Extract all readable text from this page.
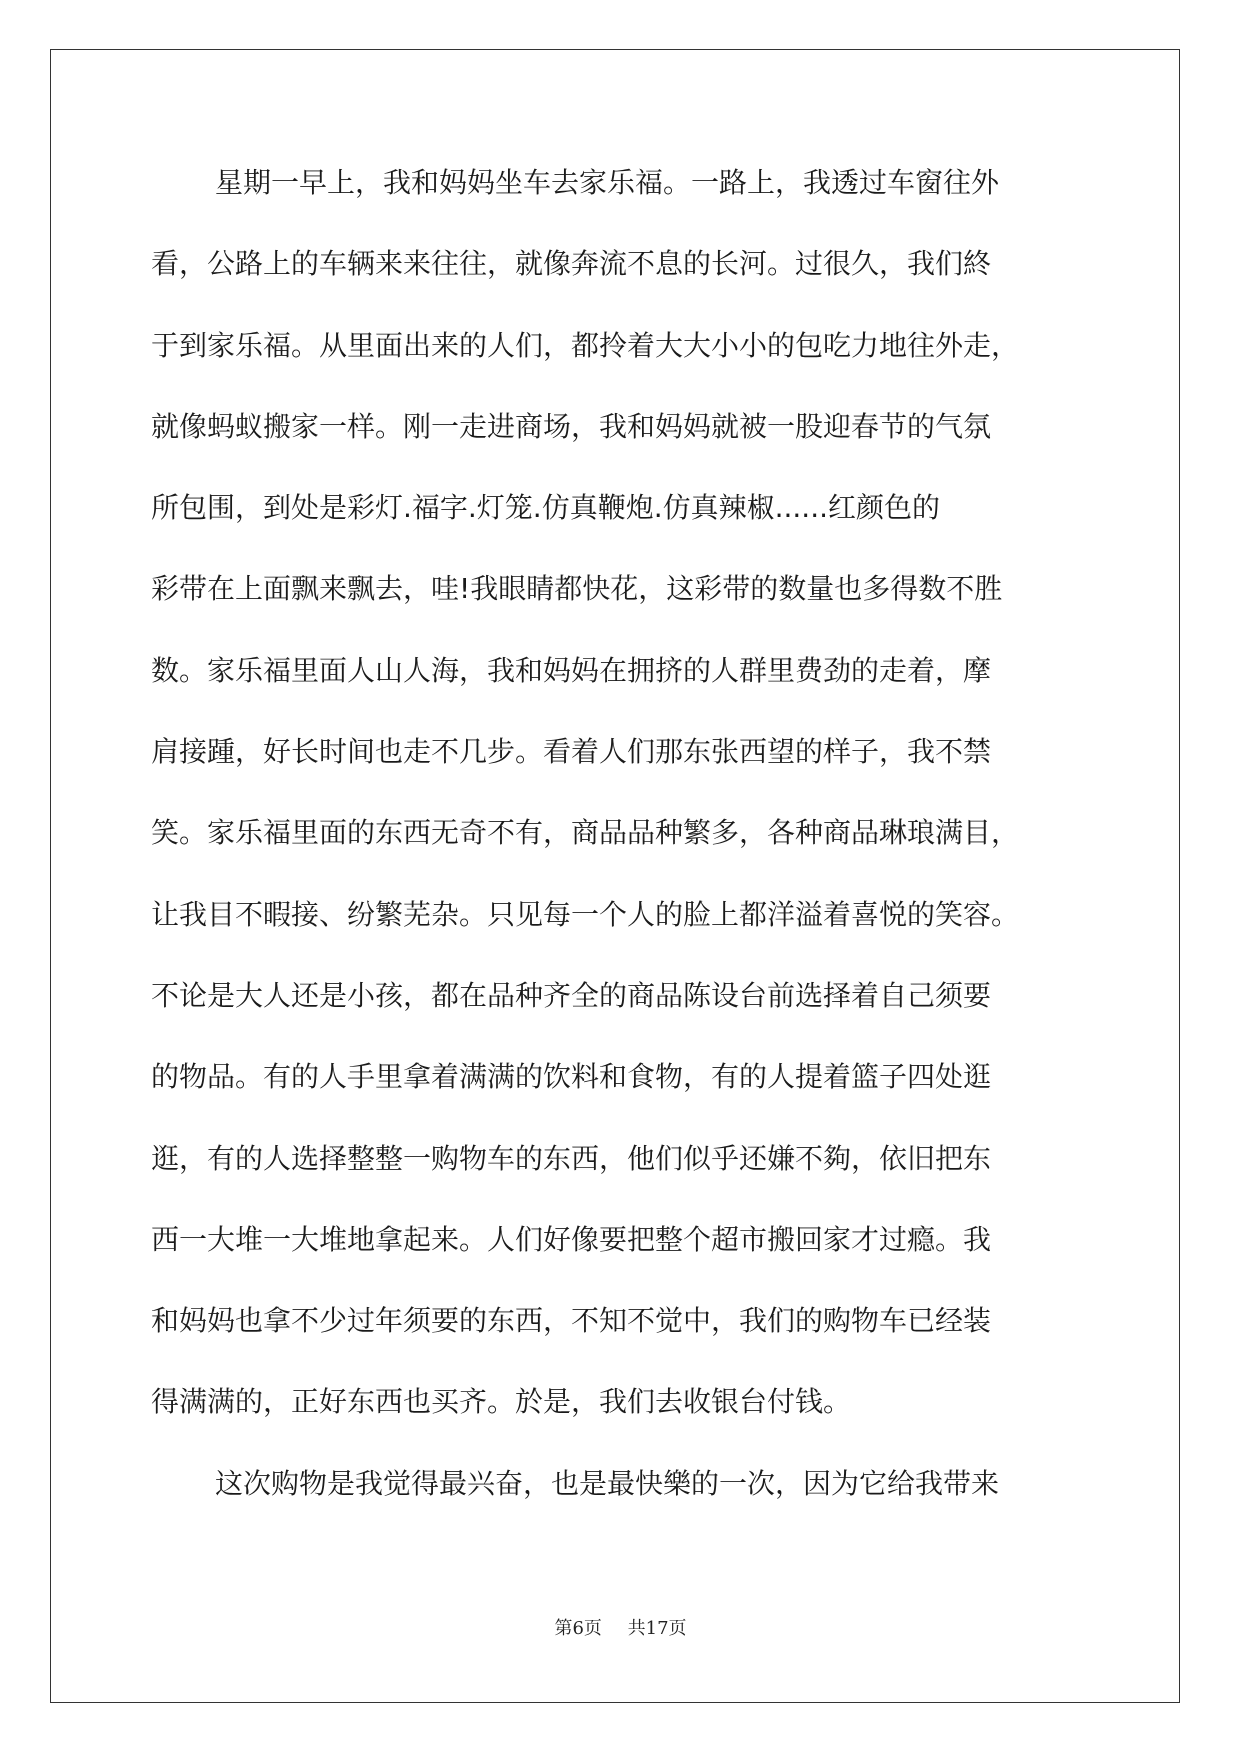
星期一早上，我和妈妈坐车去家乐福。一路上，我透过车窗往外
看，公路上的车辆来来往往，就像奔流不息的长河。过很久，我们終
于到家乐福。从里面出来的人们，都拎着大大小小的包吃力地往外走，
就像蚂蚁搬家一样。刚一走进商场，我和妈妈就被一股迎春节的气氛
所包围，到处是彩灯.福字.灯笼.仿真鞭炮.仿真辣椒......红颜色的
彩带在上面飘来飘去，哇!我眼睛都快花，这彩带的数量也多得数不胜
数。家乐福里面人山人海，我和妈妈在拥挤的人群里费劲的走着，摩
肩接踵，好长时间也走不几步。看着人们那东张西望的样子，我不禁
笑。家乐福里面的东西无奇不有，商品品种繁多，各种商品琳琅满目，
让我目不暇接、纷繁芜杂。只见每一个人的脸上都洋溢着喜悦的笑容。
不论是大人还是小孩，都在品种齐全的商品陈设台前选择着自己须要
的物品。有的人手里拿着满满的饮料和食物，有的人提着篮子四处逛
逛，有的人选择整整一购物车的东西，他们似乎还嫌不夠，依旧把东
西一大堆一大堆地拿起来。人们好像要把整个超市搬回家才过瘾。我
和妈妈也拿不少过年须要的东西，不知不觉中，我们的购物车已经装
得满满的，正好东西也买齐。於是，我们去收银台付钱。
这次购物是我觉得最兴奋，也是最快樂的一次，因为它给我带来
第6页 共17页
